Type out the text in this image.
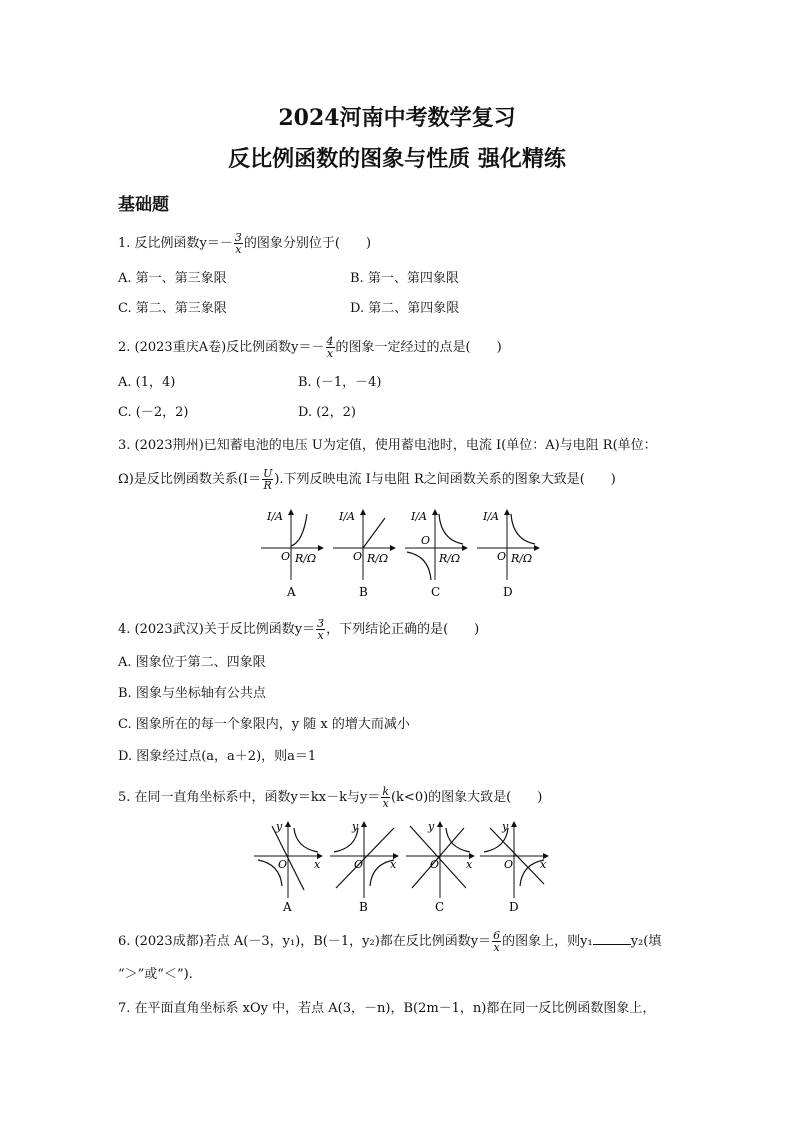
2024河南中考数学复习
反比例函数的图象与性质 强化精练
基础题
1. 反比例函数$y=- \frac{3}{x}$ 的图象分别位于(　　)
A. 第一、第三象限	B. 第一、第四象限
C. 第二、第三象限	D. 第二、第四象限
2. (2023重庆A卷)反比例函数$y=- \frac{4}{x}$ 的图象一定经过的点是(　　)
A. (1，4)	B. (－1，－4)
C. (－2，2)	D. (2，2)
3. (2023荆州)已知蓄电池的电压 U为定值，使用蓄电池时，电流 I(单位：A)与电阻 R(单位：
Ω)是反比例函数关系($I= \frac{U}{R}$ ).下列反映电流 I与电阻 R之间函数关系的图象大致是(　　)
I/A
O R/Ω
A
I/A
O R/Ω
B
I/A
O
R/Ω
C
I/A
O R/Ω
D
4. (2023武汉)关于反比例函数$y= \frac{3}{x}$ ，下列结论正确的是(　　)
A. 图象位于第二、四象限
B. 图象与坐标轴有公共点
C. 图象所在的每一个象限内，y 随 x 的增大而减小
D. 图象经过点(a，a＋2)，则a＝1
5. 在同一直角坐标系中，函数y＝kx－k与$y= \frac{k}{x} (k<0)$的图象大致是(　　)
y
O x
A
y
O x
B
y
O x
C
y
O x
D
6. (2023成都)若点 A(－3，y₁)，B(－1，y₂)都在反比例函数$y= \frac{6}{x}$ 的图象上，则y₁	y₂(填
“＞”或“＜”).
7. 在平面直角坐标系 xOy 中，若点 A(3，－n)，B(2m－1，n)都在同一反比例函数图象上，
